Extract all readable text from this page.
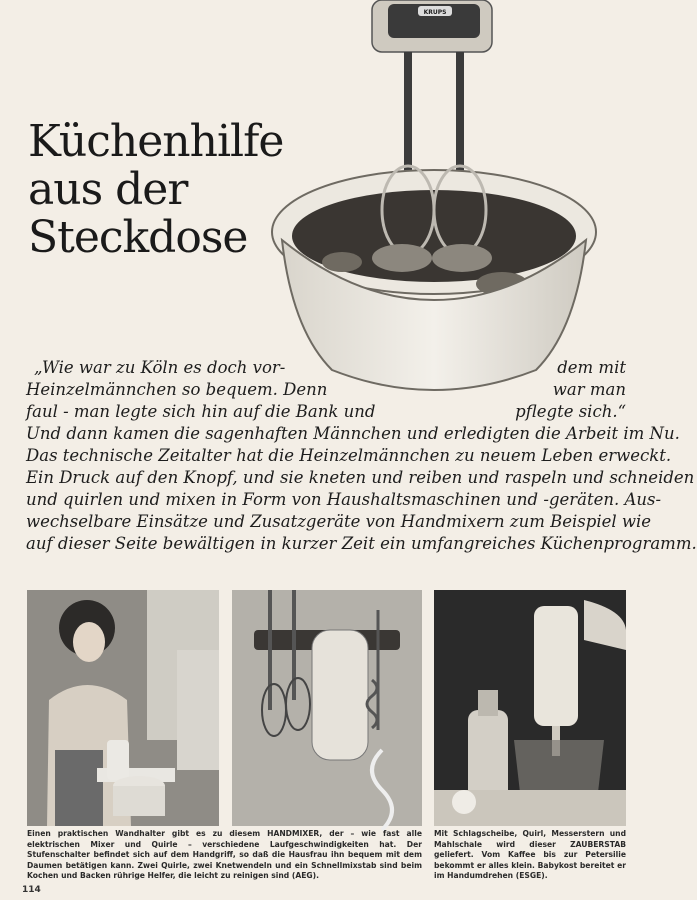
Küchenhilfe
aus der
Steckdose
KRUPS
„Wie war zu Köln es doch vor-	dem mit
Heinzelmännchen so bequem. Denn	war man
faul - man legte sich hin auf die Bank und	pflegte sich.“
Und dann kamen die sagenhaften Männchen und erledigten die Arbeit im Nu.
Das technische Zeitalter hat die Heinzelmännchen zu neuem Leben erweckt.
Ein Druck auf den Knopf, und sie kneten und reiben und raspeln und schneiden
und quirlen und mixen in Form von Haushaltsmaschinen und -geräten. Aus-
wechselbare Einsätze und Zusatzgeräte von Handmixern zum Beispiel wie
auf dieser Seite bewältigen in kurzer Zeit ein umfangreiches Küchenprogramm.
Einen praktischen Wandhalter gibt es zu diesem HANDMIXER, der – wie fast alle elektrischen Mixer und Quirle – verschiedene Laufgeschwindigkeiten hat. Der Stufenschalter befindet sich auf dem Handgriff, so daß die Hausfrau ihn bequem mit dem Daumen betätigen kann. Zwei Quirle, zwei Knetwendeln und ein Schnellmixstab sind beim Kochen und Backen rührige Helfer, die leicht zu reinigen sind (AEG).
Mit Schlagscheibe, Quirl, Messerstern und Mahlschale wird dieser ZAUBERSTAB geliefert. Vom Kaffee bis zur Petersilie bekommt er alles klein. Babykost bereitet er im Handumdrehen (ESGE).
114
